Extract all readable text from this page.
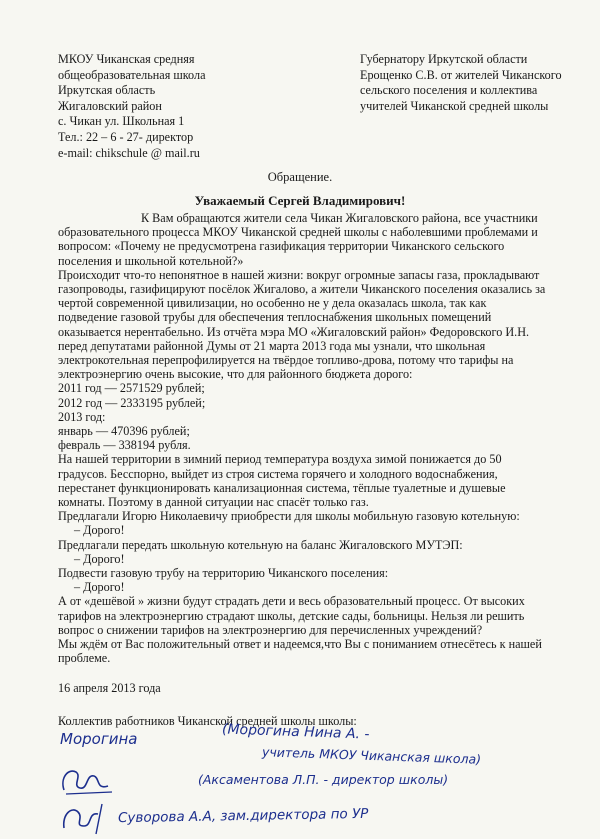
МКОУ Чиканская средняя
общеобразовательная школа
Иркутская область
Жигаловский район
с. Чикан ул. Школьная 1
Тел.: 22 – 6 - 27- директор
e-mail: chikschule @ mail.ru
Губернатору Иркутской области
Ерощенко С.В. от жителей Чиканского
сельского поселения и коллектива
учителей Чиканской средней школы
Обращение.
Уважаемый Сергей Владимирович!
К Вам обращаются жители села Чикан Жигаловского района, все участники
образовательного процесса МКОУ Чиканской средней школы с наболевшими проблемами и
вопросом: «Почему не предусмотрена газификация территории Чиканского сельского
поселения и школьной котельной?»
Происходит что-то непонятное в нашей жизни: вокруг огромные запасы газа, прокладывают
газопроводы, газифицируют посёлок Жигалово, а жители Чиканского поселения оказались за
чертой современной цивилизации, но особенно не у дела оказалась школа, так как
подведение газовой трубы для обеспечения теплоснабжения школьных помещений
оказывается нерентабельно. Из отчёта мэра МО «Жигаловский район» Федоровского И.Н.
перед депутатами районной Думы от 21 марта 2013 года мы узнали, что школьная
электрокотельная перепрофилируется на твёрдое топливо-дрова, потому что тарифы на
электроэнергию очень высокие, что для районного бюджета дорого:
2011 год — 2571529 рублей;
2012 год — 2333195 рублей;
2013 год:
январь — 470396 рублей;
февраль — 338194 рубля.
На нашей территории в зимний период температура воздуха зимой понижается до 50
градусов. Бесспорно, выйдет из строя система горячего и холодного водоснабжения,
перестанет функционировать канализационная система, тёплые туалетные и душевые
комнаты. Поэтому в данной ситуации нас спасёт только газ.
Предлагали Игорю Николаевичу приобрести для школы мобильную газовую котельную:
– Дорого!
Предлагали передать школьную котельную на баланс Жигаловского МУТЭП:
– Дорого!
Подвести газовую трубу на территорию Чиканского поселения:
– Дорого!
А от «дешёвой » жизни будут страдать дети и весь образовательный процесс. От высоких
тарифов на электроэнергию страдают школы, детские сады, больницы. Нельзя ли решить
вопрос о снижении тарифов на электроэнергию для перечисленных учреждений?
Мы ждём от Вас положительный ответ и надеемся,что Вы с пониманием отнесётесь к нашей
проблеме.
16 апреля 2013 года
Коллектив работников Чиканской средней школы школы:
Морогина	(Морогина Нина А. -
учитель МКОУ Чиканская школа)
(Аксаментова Л.П. - директор школы)
Суворова А.А, зам.директора по УР
